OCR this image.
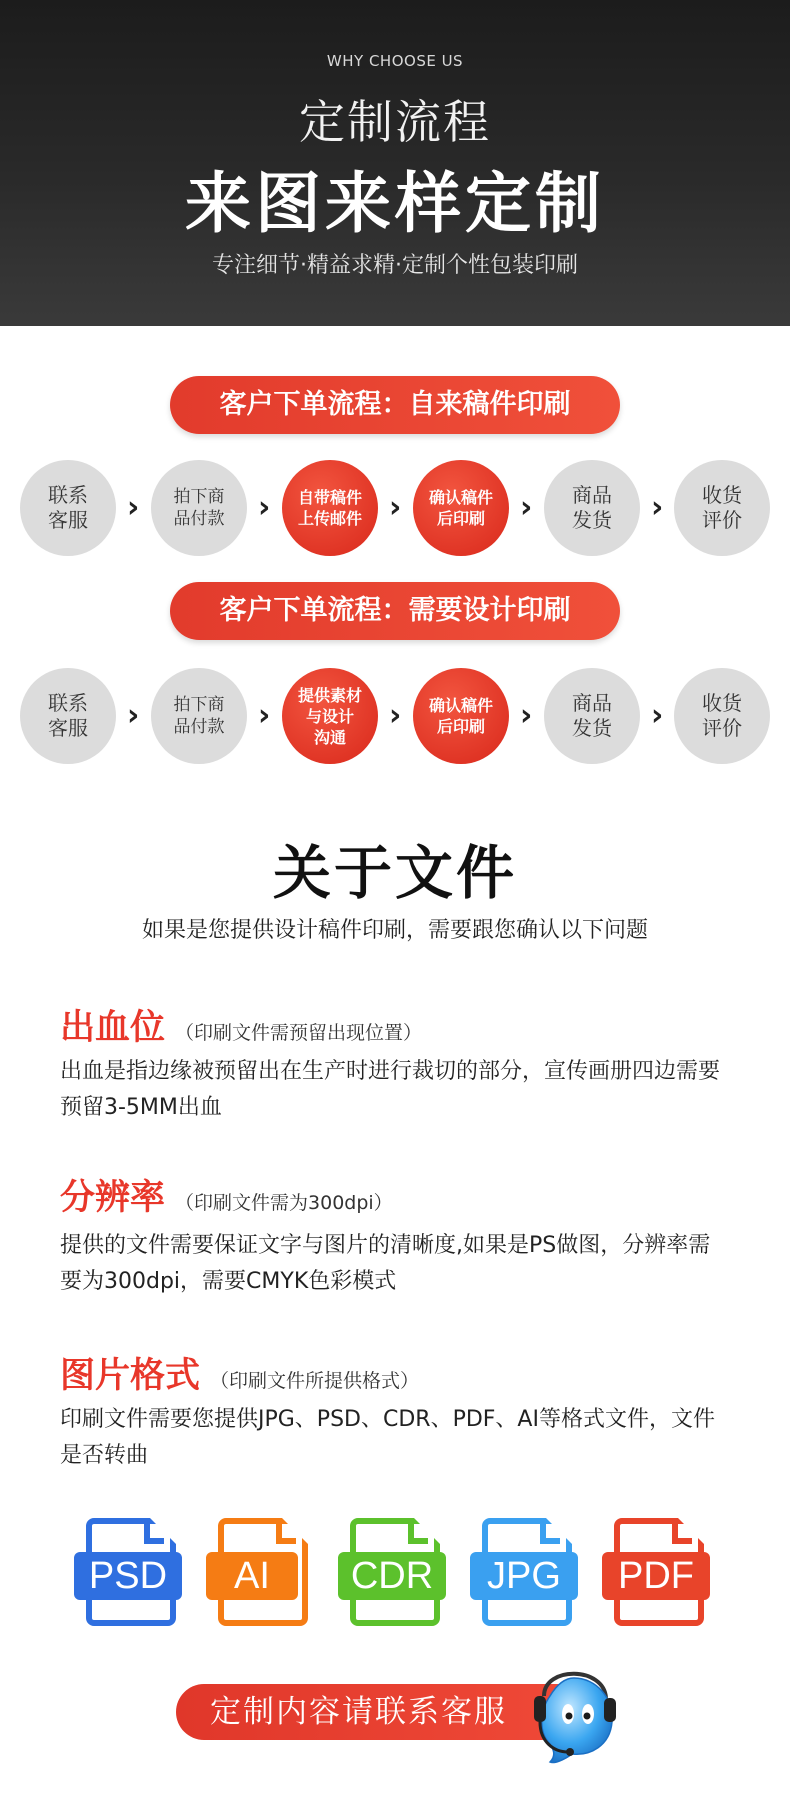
WHY CHOOSE US
定制流程
来图来样定制
专注细节·精益求精·定制个性包装印刷
客户下单流程：自来稿件印刷
联系
客服 ›	拍下商
品付款 ›	自带稿件
上传邮件 ›	确认稿件
后印刷 › 商品
发货 › 收货
评价
客户下单流程：需要设计印刷
联系
客服 ›	拍下商
品付款 ›
提供素材
与设计
沟通
›	确认稿件
后印刷 › 商品
发货 › 收货
评价
关于文件
如果是您提供设计稿件印刷，需要跟您确认以下问题
出血位 （印刷文件需预留出现位置）
出血是指边缘被预留出在生产时进行裁切的部分，宣传画册四边需要预留3-5MM出血
分辨率 （印刷文件需为300dpi）
提供的文件需要保证文字与图片的清晰度,如果是PS做图，分辨率需要为300dpi，需要CMYK色彩模式
图片格式 （印刷文件所提供格式）
印刷文件需要您提供JPG、PSD、CDR、PDF、AI等格式文件，文件是否转曲
PSD	AI	CDR	JPG	PDF
定制内容请联系客服
